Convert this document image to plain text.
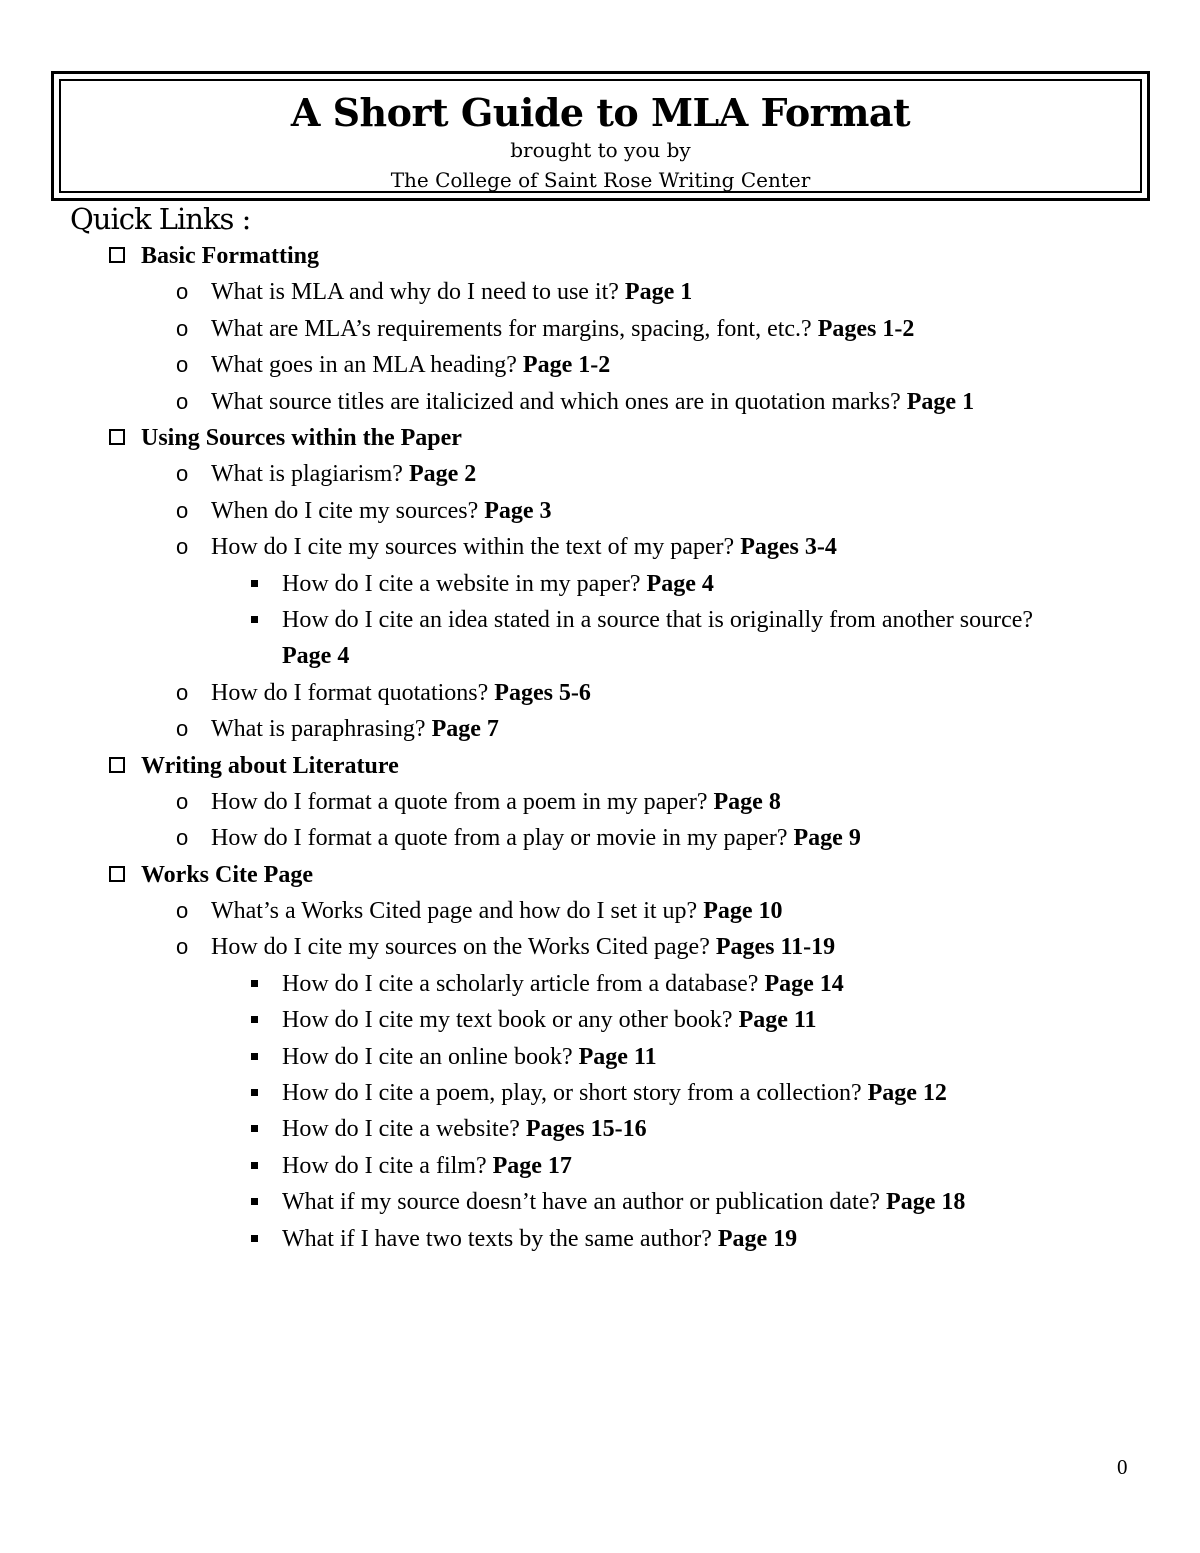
A Short Guide to MLA Format
brought to you by
The College of Saint Rose Writing Center
Quick Links :
Basic Formatting
o What is MLA and why do I need to use it? Page 1
o What are MLA’s requirements for margins, spacing, font, etc.? Pages 1-2
o What goes in an MLA heading? Page 1-2
o What source titles are italicized and which ones are in quotation marks? Page 1
Using Sources within the Paper
o What is plagiarism? Page 2
o When do I cite my sources? Page 3
o How do I cite my sources within the text of my paper? Pages 3-4
How do I cite a website in my paper? Page 4
How do I cite an idea stated in a source that is originally from another source? Page 4
o How do I format quotations? Pages 5-6
o What is paraphrasing? Page 7
Writing about Literature
o How do I format a quote from a poem in my paper? Page 8
o How do I format a quote from a play or movie in my paper? Page 9
Works Cite Page
o What’s a Works Cited page and how do I set it up? Page 10
o How do I cite my sources on the Works Cited page? Pages 11-19
How do I cite a scholarly article from a database? Page 14
How do I cite my text book or any other book? Page 11
How do I cite an online book? Page 11
How do I cite a poem, play, or short story from a collection? Page 12
How do I cite a website? Pages 15-16
How do I cite a film? Page 17
What if my source doesn’t have an author or publication date? Page 18
What if I have two texts by the same author? Page 19
0
